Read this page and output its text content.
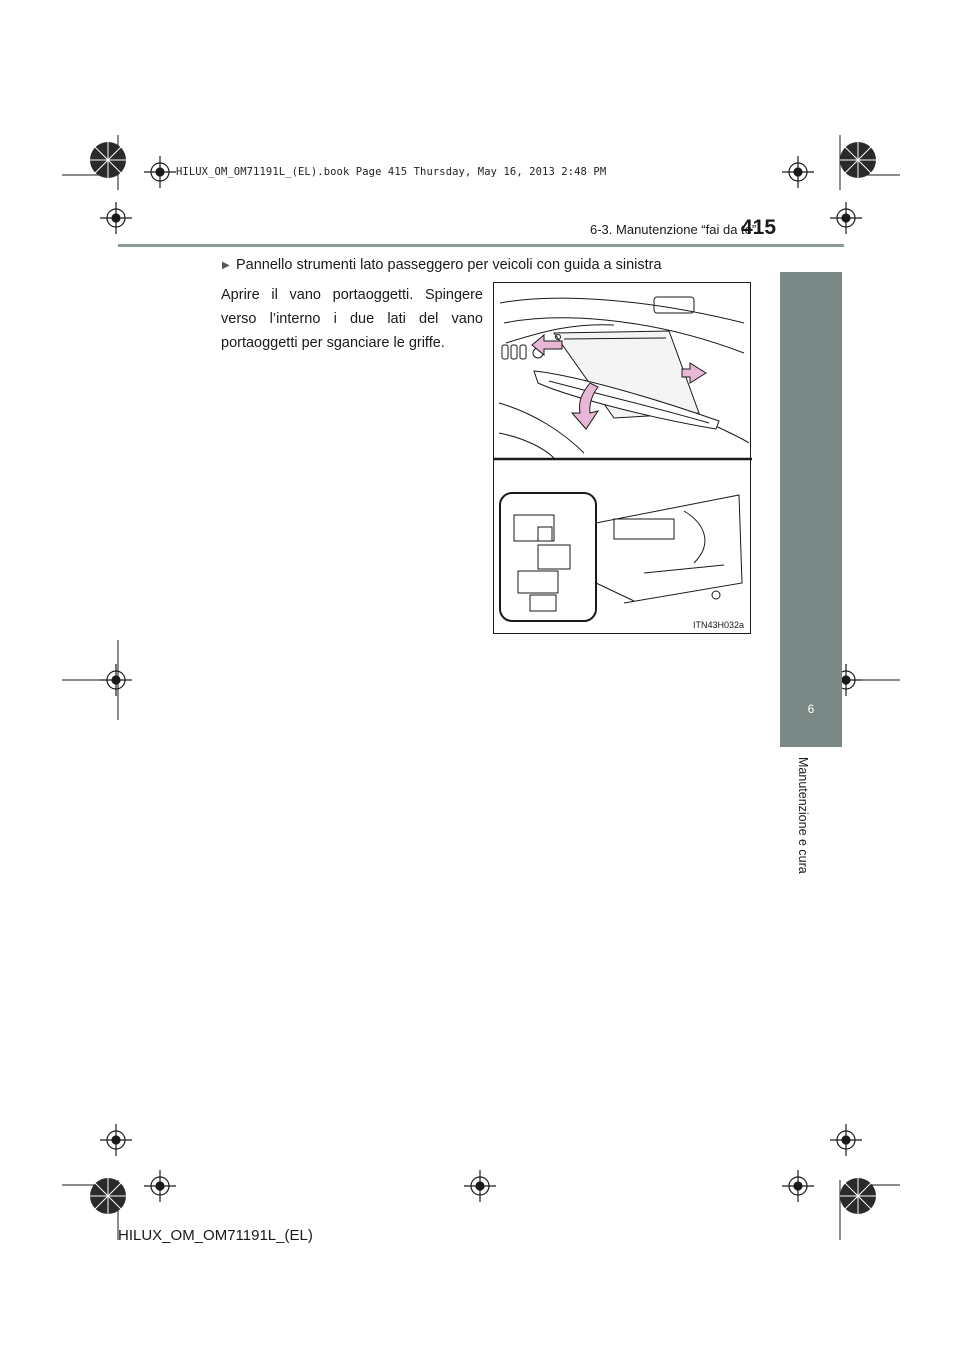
HILUX_OM_OM71191L_(EL).book Page 415 Thursday, May 16, 2013 2:48 PM
6-3. Manutenzione “fai da te”
415
6
Manutenzione e cura
▶ Pannello strumenti lato passeggero per veicoli con guida a sinistra
Aprire il vano portaoggetti. Spingere verso l’interno i due lati del vano portaoggetti per sganciare le griffe.
ITN43H032a
HILUX_OM_OM71191L_(EL)
